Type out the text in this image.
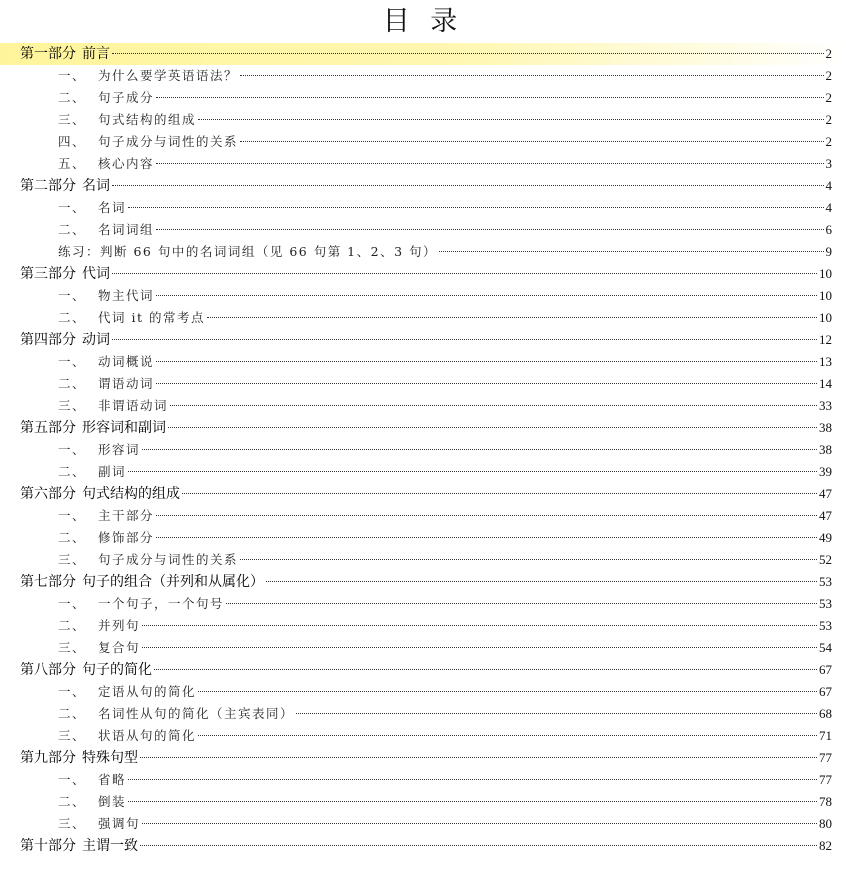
目 录
第一部分 前言	2
一、 为什么要学英语语法？	2
二、 句子成分	2
三、 句式结构的组成	2
四、 句子成分与词性的关系	2
五、 核心内容	3
第二部分 名词	4
一、 名词	4
二、 名词词组	6
练习：判断 66 句中的名词词组（见 66 句第 1、2、3 句）	9
第三部分 代词	10
一、 物主代词	10
二、 代词 it 的常考点	10
第四部分 动词	12
一、 动词概说	13
二、 谓语动词	14
三、 非谓语动词	33
第五部分 形容词和副词	38
一、 形容词	38
二、 副词	39
第六部分 句式结构的组成	47
一、 主干部分	47
二、 修饰部分	49
三、 句子成分与词性的关系	52
第七部分 句子的组合（并列和从属化）	53
一、 一个句子，一个句号	53
二、 并列句	53
三、 复合句	54
第八部分 句子的简化	67
一、 定语从句的简化	67
二、 名词性从句的简化（主宾表同）	68
三、 状语从句的简化	71
第九部分 特殊句型	77
一、 省略	77
二、 倒装	78
三、 强调句	80
第十部分 主谓一致	82
